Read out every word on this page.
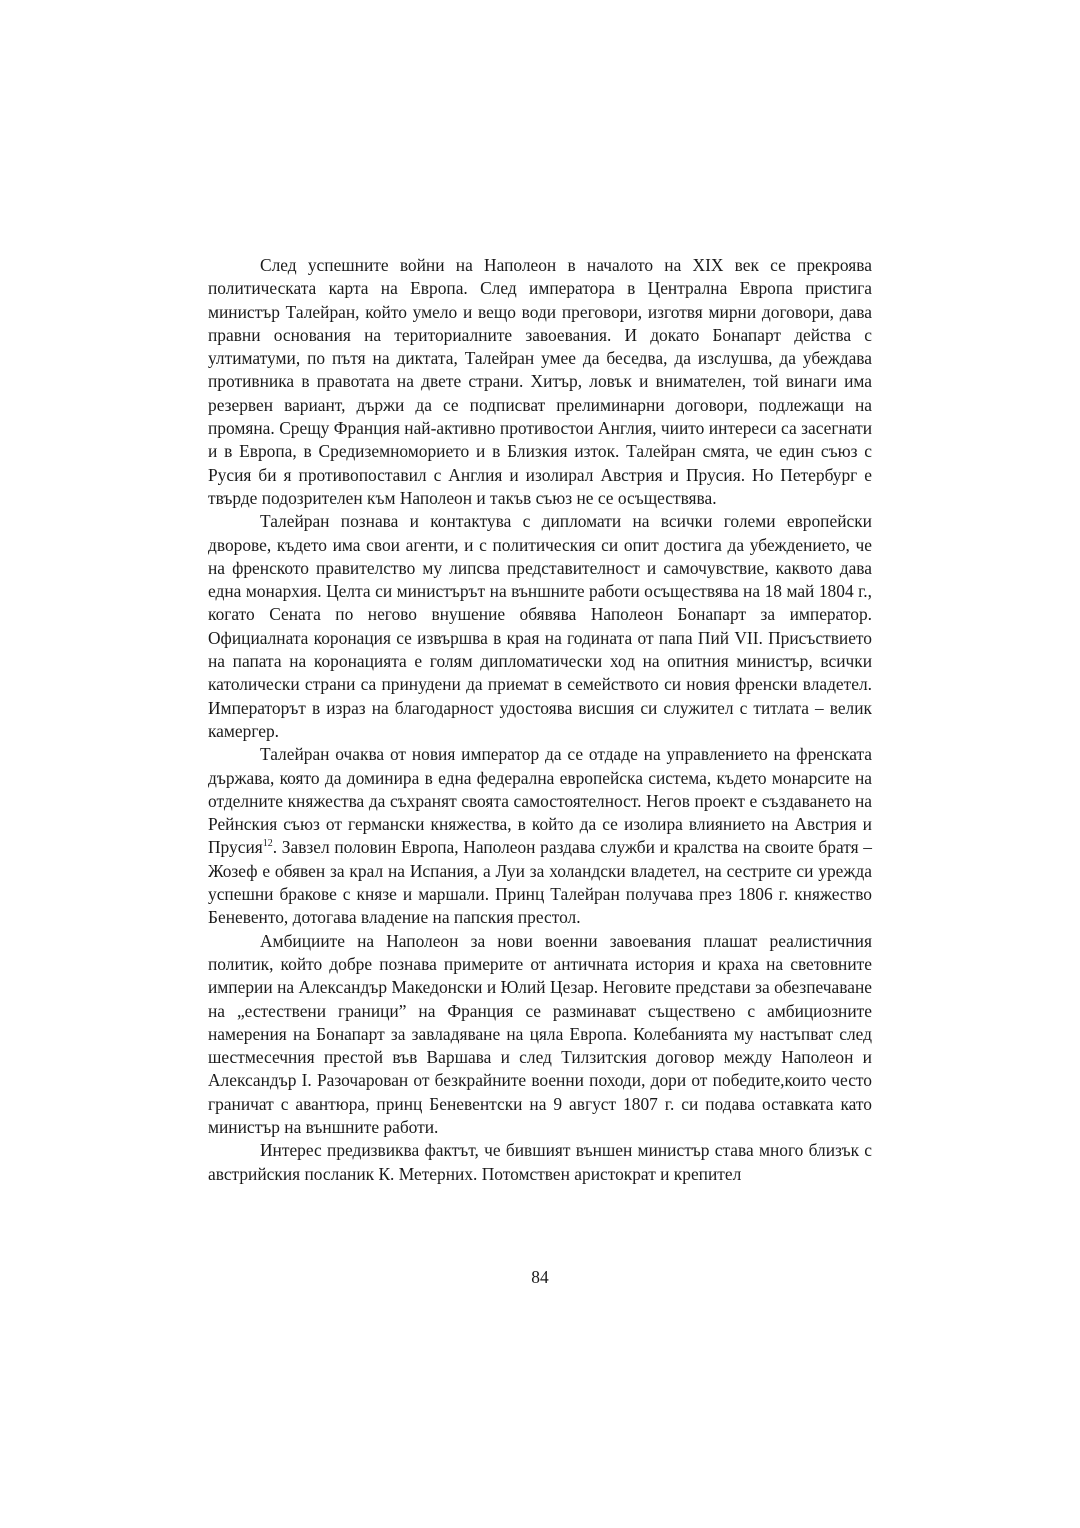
След успешните войни на Наполеон в началото на XIX век се прекроява политическата карта на Европа. След императора в Централна Европа пристига министър Талейран, който умело и вещо води преговори, изготвя мирни договори, дава правни основания на териториалните завоевания. И докато Бонапарт действа с ултиматуми, по пътя на диктата, Талейран умее да беседва, да изслушва, да убеждава противника в правотата на двете страни. Хитър, ловък и внимателен, той винаги има резервен вариант, държи да се подписват прелиминарни договори, подлежащи на промяна. Срещу Франция най-активно противостои Англия, чиито интереси са засегнати и в Европа, в Средиземноморието и в Близкия изток. Талейран смята, че един съюз с Русия би я противопоставил с Англия и изолирал Австрия и Прусия. Но Петербург е твърде подозрителен към Наполеон и такъв съюз не се осъществява.

Талейран познава и контактува с дипломати на всички големи европейски дворове, където има свои агенти, и с политическия си опит достига да убеждението, че на френското правителство му липсва представителност и самочувствие, каквото дава една монархия. Целта си министърът на външните работи осъществява на 18 май 1804 г., когато Сената по негово внушение обявява Наполеон Бонапарт за император. Официалната коронация се извършва в края на годината от папа Пий VII. Присъствието на папата на коронацията е голям дипломатически ход на опитния министър, всички католически страни са принудени да приемат в семейството си новия френски владетел. Императорът в израз на благодарност удостоява висшия си служител с титлата – велик камергер.

Талейран очаква от новия император да се отдаде на управлението на френската държава, която да доминира в една федерална европейска система, където монарсите на отделните княжества да съхранят своята самостоятелност. Негов проект е създаването на Рейнския съюз от германски княжества, в който да се изолира влиянието на Австрия и Прусия$^{12}$. Завзел половин Европа, Наполеон раздава служби и кралства на своите братя – Жозеф е обявен за крал на Испания, а Луи за холандски владетел, на сестрите си урежда успешни бракове с князе и маршали. Принц Талейран получава през 1806 г. княжество Беневенто, дотогава владение на папския престол.

Амбициите на Наполеон за нови военни завоевания плашат реалистичния политик, който добре познава примерите от античната история и краха на световните империи на Александър Македонски и Юлий Цезар. Неговите представи за обезпечаване на „естествени граници” на Франция се разминават съществено с амбициозните намерения на Бонапарт за завладяване на цяла Европа. Колебанията му настъпват след шестмесечния престой във Варшава и след Тилзитския договор между Наполеон и Александър I. Разочарован от безкрайните военни походи, дори от победите,които често граничат с авантюра, принц Беневентски на 9 август 1807 г. си подава оставката като министър на външните работи.

Интерес предизвиква фактът, че бившият външен министър става много близък с австрийския посланик К. Метерних. Потомствен аристократ и крепител

84
